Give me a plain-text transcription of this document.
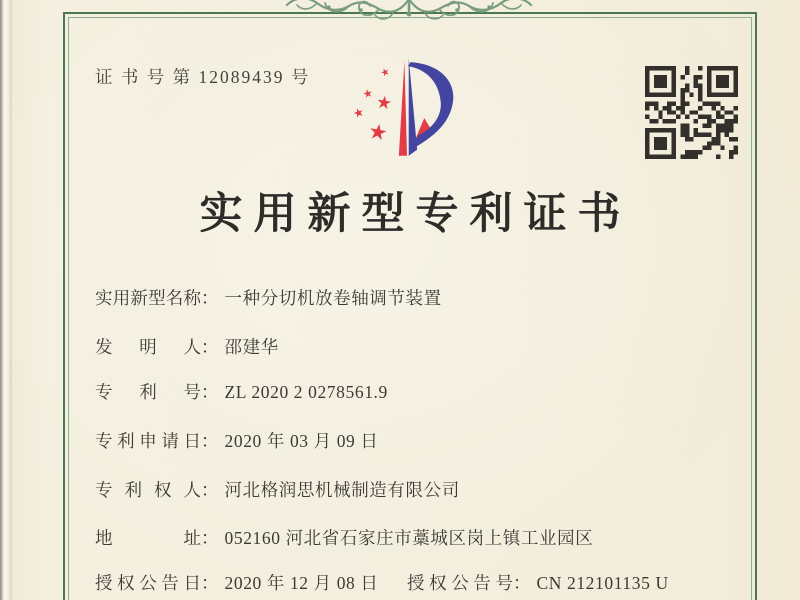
证 书 号 第 12089439 号
实用新型专利证书
实用新型名称： 一种分切机放卷轴调节装置
发明人： 邵建华
专利号： ZL 2020 2 0278561.9
专利申请日： 2020 年 03 月 09 日
专利权人： 河北格润思机械制造有限公司
地址： 052160 河北省石家庄市藁城区岗上镇工业园区
授权公告日： 2020 年 12 月 08 日 授权公告号： CN 212101135 U
